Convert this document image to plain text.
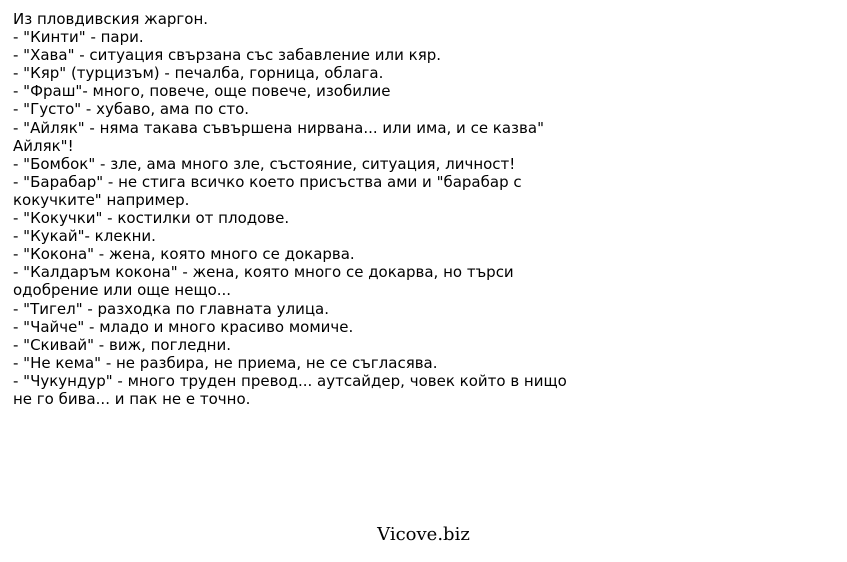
Из пловдивския жаргон.
- "Кинти" - пари.
- "Хава" - ситуация свързана със забавление или кяр.
- "Кяр" (турцизъм) - печалба, горница, облага.
- "Фраш"- много, повече, още повече, изобилие
- "Густо" - хубаво, ама по сто.
- "Айляк" - няма такава съвършена нирвана... или има, и се казва"
Айляк"!
- "Бомбок" - зле, ама много зле, състояние, ситуация, личност!
- "Барабар" - не стига всичко което присъства ами и "барабар с
кокучките" например.
- "Кокучки" - костилки от плодове.
- "Кукай"- клекни.
- "Кокона" - жена, която много се докарва.
- "Калдаръм кокона" - жена, която много се докарва, но търси
одобрение или още нещо...
- "Тигел" - разходка по главната улица.
- "Чайче" - младо и много красиво момиче.
- "Скивай" - виж, погледни.
- "Не кема" - не разбира, не приема, не се съгласява.
- "Чукундур" - много труден превод... аутсайдер, човек който в нищо
не го бива... и пак не е точно.
Vicove.biz
